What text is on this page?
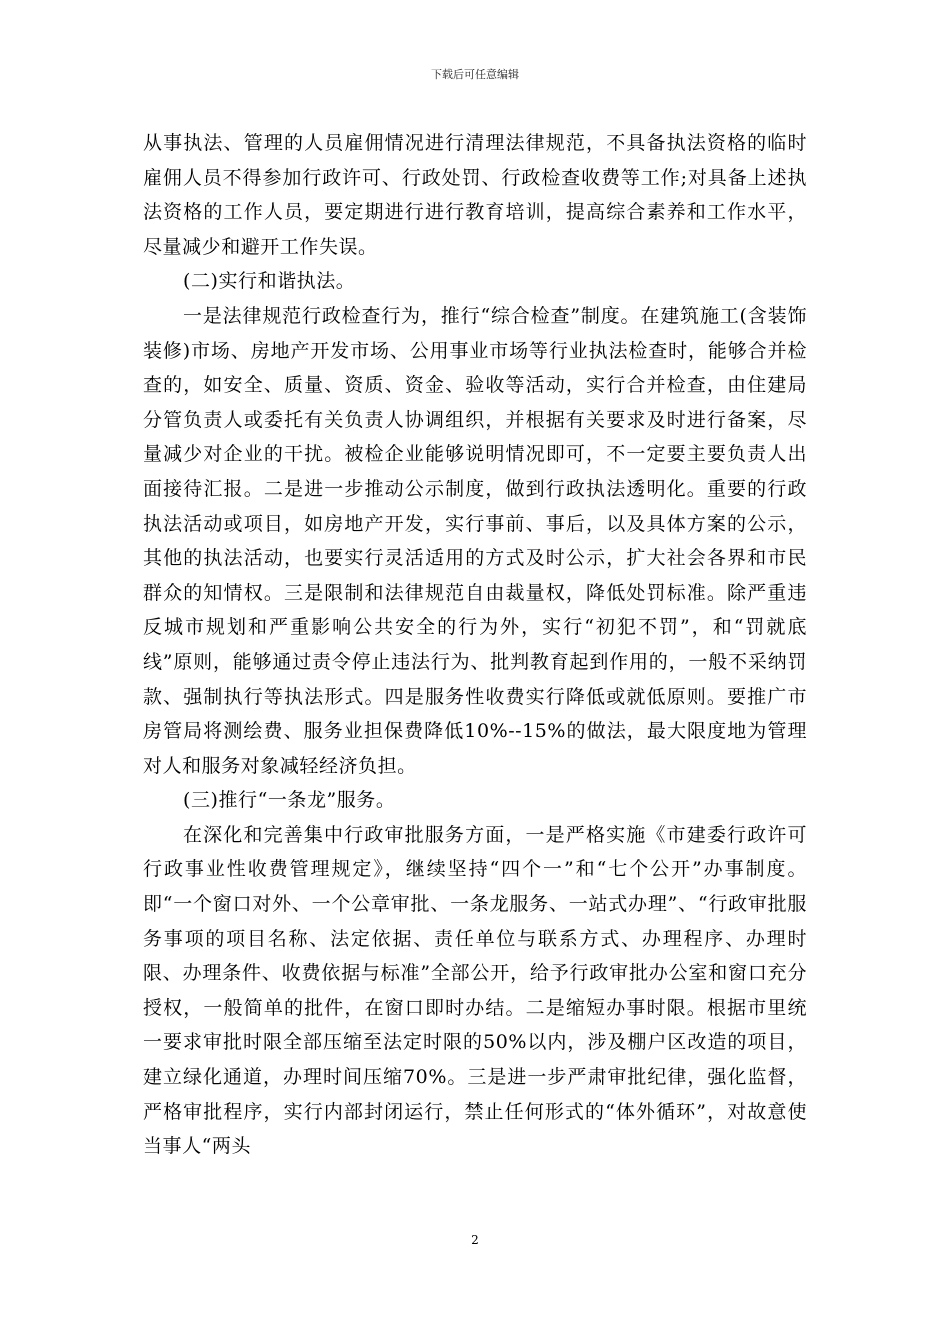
下载后可任意编辑

从事执法、管理的人员雇佣情况进行清理法律规范，不具备执法资格的临时雇佣人员不得参加行政许可、行政处罚、行政检查收费等工作;对具备上述执法资格的工作人员，要定期进行进行教育培训，提高综合素养和工作水平，尽量减少和避开工作失误。

(二)实行和谐执法。

一是法律规范行政检查行为，推行“综合检查”制度。在建筑施工(含装饰装修)市场、房地产开发市场、公用事业市场等行业执法检查时，能够合并检查的，如安全、质量、资质、资金、验收等活动，实行合并检查，由住建局分管负责人或委托有关负责人协调组织，并根据有关要求及时进行备案，尽量减少对企业的干扰。被检企业能够说明情况即可，不一定要主要负责人出面接待汇报。二是进一步推动公示制度，做到行政执法透明化。重要的行政执法活动或项目，如房地产开发，实行事前、事后，以及具体方案的公示，其他的执法活动，也要实行灵活适用的方式及时公示，扩大社会各界和市民群众的知情权。三是限制和法律规范自由裁量权，降低处罚标准。除严重违反城市规划和严重影响公共安全的行为外，实行“初犯不罚”，和“罚就底线”原则，能够通过责令停止违法行为、批判教育起到作用的，一般不采纳罚款、强制执行等执法形式。四是服务性收费实行降低或就低原则。要推广市房管局将测绘费、服务业担保费降低10%--15%的做法，最大限度地为管理对人和服务对象减轻经济负担。

(三)推行“一条龙”服务。

在深化和完善集中行政审批服务方面，一是严格实施《市建委行政许可行政事业性收费管理规定》，继续坚持“四个一”和“七个公开”办事制度。即“一个窗口对外、一个公章审批、一条龙服务、一站式办理”、“行政审批服务事项的项目名称、法定依据、责任单位与联系方式、办理程序、办理时限、办理条件、收费依据与标准”全部公开，给予行政审批办公室和窗口充分授权，一般简单的批件，在窗口即时办结。二是缩短办事时限。根据市里统一要求审批时限全部压缩至法定时限的50%以内，涉及棚户区改造的项目，建立绿化通道，办理时间压缩70%。三是进一步严肃审批纪律，强化监督，严格审批程序，实行内部封闭运行，禁止任何形式的“体外循环”，对故意使当事人“两头

2
